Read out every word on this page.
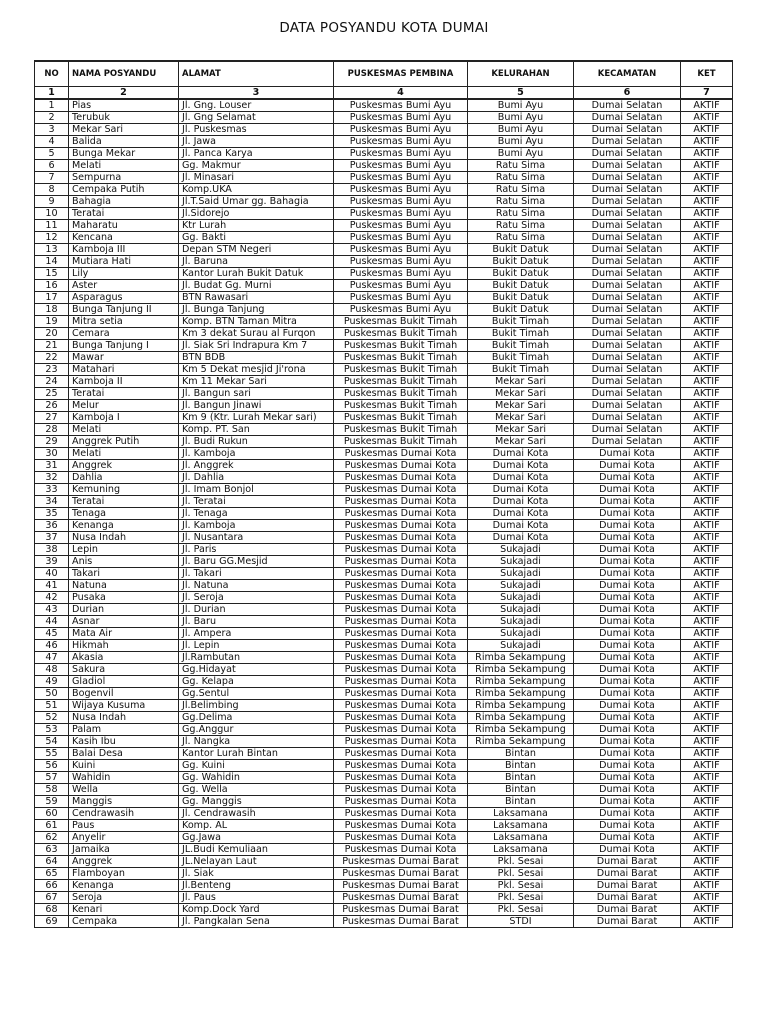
DATA POSYANDU KOTA DUMAI
NO	NAMA POSYANDU	ALAMAT	PUSKESMAS PEMBINA	KELURAHAN	KECAMATAN	KET
1	2	3	4	5	6	7
1	Pias	Jl. Gng. Louser	Puskesmas Bumi Ayu	Bumi Ayu	Dumai Selatan	AKTIF
2	Terubuk	Jl. Gng Selamat	Puskesmas Bumi Ayu	Bumi Ayu	Dumai Selatan	AKTIF
3	Mekar Sari	Jl. Puskesmas	Puskesmas Bumi Ayu	Bumi Ayu	Dumai Selatan	AKTIF
4	Balida	Jl. Jawa	Puskesmas Bumi Ayu	Bumi Ayu	Dumai Selatan	AKTIF
5	Bunga Mekar	Jl. Panca Karya	Puskesmas Bumi Ayu	Bumi Ayu	Dumai Selatan	AKTIF
6	Melati	Gg. Makmur	Puskesmas Bumi Ayu	Ratu Sima	Dumai Selatan	AKTIF
7	Sempurna	Jl. Minasari	Puskesmas Bumi Ayu	Ratu Sima	Dumai Selatan	AKTIF
8	Cempaka Putih	Komp.UKA	Puskesmas Bumi Ayu	Ratu Sima	Dumai Selatan	AKTIF
9	Bahagia	Jl.T.Said Umar gg. Bahagia	Puskesmas Bumi Ayu	Ratu Sima	Dumai Selatan	AKTIF
10	Teratai	Jl.Sidorejo	Puskesmas Bumi Ayu	Ratu Sima	Dumai Selatan	AKTIF
11	Maharatu	Ktr Lurah	Puskesmas Bumi Ayu	Ratu Sima	Dumai Selatan	AKTIF
12	Kencana	Gg. Bakti	Puskesmas Bumi Ayu	Ratu Sima	Dumai Selatan	AKTIF
13	Kamboja III	Depan STM Negeri	Puskesmas Bumi Ayu	Bukit Datuk	Dumai Selatan	AKTIF
14	Mutiara Hati	Jl. Baruna	Puskesmas Bumi Ayu	Bukit Datuk	Dumai Selatan	AKTIF
15	Lily	Kantor Lurah Bukit Datuk	Puskesmas Bumi Ayu	Bukit Datuk	Dumai Selatan	AKTIF
16	Aster	Jl. Budat Gg. Murni	Puskesmas Bumi Ayu	Bukit Datuk	Dumai Selatan	AKTIF
17	Asparagus	BTN Rawasari	Puskesmas Bumi Ayu	Bukit Datuk	Dumai Selatan	AKTIF
18	Bunga Tanjung II	Jl. Bunga Tanjung	Puskesmas Bumi Ayu	Bukit Datuk	Dumai Selatan	AKTIF
19	Mitra setia	Komp. BTN Taman Mitra	Puskesmas Bukit Timah	Bukit Timah	Dumai Selatan	AKTIF
20	Cemara	Km 3 dekat Surau al Furqon	Puskesmas Bukit Timah	Bukit Timah	Dumai Selatan	AKTIF
21	Bunga Tanjung I	Jl. Siak Sri Indrapura Km 7	Puskesmas Bukit Timah	Bukit Timah	Dumai Selatan	AKTIF
22	Mawar	BTN BDB	Puskesmas Bukit Timah	Bukit Timah	Dumai Selatan	AKTIF
23	Matahari	Km 5 Dekat mesjid Ji'rona	Puskesmas Bukit Timah	Bukit Timah	Dumai Selatan	AKTIF
24	Kamboja II	Km 11 Mekar Sari	Puskesmas Bukit Timah	Mekar Sari	Dumai Selatan	AKTIF
25	Teratai	Jl. Bangun sari	Puskesmas Bukit Timah	Mekar Sari	Dumai Selatan	AKTIF
26	Melur	Jl. Bangun Jinawi	Puskesmas Bukit Timah	Mekar Sari	Dumai Selatan	AKTIF
27	Kamboja I	Km 9 (Ktr. Lurah Mekar sari)	Puskesmas Bukit Timah	Mekar Sari	Dumai Selatan	AKTIF
28	Melati	Komp. PT. San	Puskesmas Bukit Timah	Mekar Sari	Dumai Selatan	AKTIF
29	Anggrek Putih	Jl. Budi Rukun	Puskesmas Bukit Timah	Mekar Sari	Dumai Selatan	AKTIF
30	Melati	Jl. Kamboja	Puskesmas Dumai Kota	Dumai Kota	Dumai Kota	AKTIF
31	Anggrek	Jl. Anggrek	Puskesmas Dumai Kota	Dumai Kota	Dumai Kota	AKTIF
32	Dahlia	Jl. Dahlia	Puskesmas Dumai Kota	Dumai Kota	Dumai Kota	AKTIF
33	Kemuning	Jl. Imam Bonjol	Puskesmas Dumai Kota	Dumai Kota	Dumai Kota	AKTIF
34	Teratai	Jl. Teratai	Puskesmas Dumai Kota	Dumai Kota	Dumai Kota	AKTIF
35	Tenaga	Jl. Tenaga	Puskesmas Dumai Kota	Dumai Kota	Dumai Kota	AKTIF
36	Kenanga	Jl. Kamboja	Puskesmas Dumai Kota	Dumai Kota	Dumai Kota	AKTIF
37	Nusa Indah	Jl. Nusantara	Puskesmas Dumai Kota	Dumai Kota	Dumai Kota	AKTIF
38	Lepin	Jl. Paris	Puskesmas Dumai Kota	Sukajadi	Dumai Kota	AKTIF
39	Anis	Jl. Baru GG.Mesjid	Puskesmas Dumai Kota	Sukajadi	Dumai Kota	AKTIF
40	Takari	Jl. Takari	Puskesmas Dumai Kota	Sukajadi	Dumai Kota	AKTIF
41	Natuna	Jl. Natuna	Puskesmas Dumai Kota	Sukajadi	Dumai Kota	AKTIF
42	Pusaka	Jl. Seroja	Puskesmas Dumai Kota	Sukajadi	Dumai Kota	AKTIF
43	Durian	Jl. Durian	Puskesmas Dumai Kota	Sukajadi	Dumai Kota	AKTIF
44	Asnar	Jl. Baru	Puskesmas Dumai Kota	Sukajadi	Dumai Kota	AKTIF
45	Mata Air	Jl. Ampera	Puskesmas Dumai Kota	Sukajadi	Dumai Kota	AKTIF
46	Hikmah	Jl. Lepin	Puskesmas Dumai Kota	Sukajadi	Dumai Kota	AKTIF
47	Akasia	Jl.Rambutan	Puskesmas Dumai Kota	Rimba Sekampung	Dumai Kota	AKTIF
48	Sakura	Gg.Hidayat	Puskesmas Dumai Kota	Rimba Sekampung	Dumai Kota	AKTIF
49	Gladiol	Gg. Kelapa	Puskesmas Dumai Kota	Rimba Sekampung	Dumai Kota	AKTIF
50	Bogenvil	Gg.Sentul	Puskesmas Dumai Kota	Rimba Sekampung	Dumai Kota	AKTIF
51	Wijaya Kusuma	Jl.Belimbing	Puskesmas Dumai Kota	Rimba Sekampung	Dumai Kota	AKTIF
52	Nusa Indah	Gg.Delima	Puskesmas Dumai Kota	Rimba Sekampung	Dumai Kota	AKTIF
53	Palam	Gg.Anggur	Puskesmas Dumai Kota	Rimba Sekampung	Dumai Kota	AKTIF
54	Kasih Ibu	Jl. Nangka	Puskesmas Dumai Kota	Rimba Sekampung	Dumai Kota	AKTIF
55	Balai Desa	Kantor Lurah Bintan	Puskesmas Dumai Kota	Bintan	Dumai Kota	AKTIF
56	Kuini	Gg. Kuini	Puskesmas Dumai Kota	Bintan	Dumai Kota	AKTIF
57	Wahidin	Gg. Wahidin	Puskesmas Dumai Kota	Bintan	Dumai Kota	AKTIF
58	Wella	Gg. Wella	Puskesmas Dumai Kota	Bintan	Dumai Kota	AKTIF
59	Manggis	Gg. Manggis	Puskesmas Dumai Kota	Bintan	Dumai Kota	AKTIF
60	Cendrawasih	Jl. Cendrawasih	Puskesmas Dumai Kota	Laksamana	Dumai Kota	AKTIF
61	Paus	Komp. AL	Puskesmas Dumai Kota	Laksamana	Dumai Kota	AKTIF
62	Anyelir	Gg.Jawa	Puskesmas Dumai Kota	Laksamana	Dumai Kota	AKTIF
63	Jamaika	JL.Budi Kemuliaan	Puskesmas Dumai Kota	Laksamana	Dumai Kota	AKTIF
64	Anggrek	JL.Nelayan Laut	Puskesmas Dumai Barat	Pkl. Sesai	Dumai Barat	AKTIF
65	Flamboyan	Jl. Siak	Puskesmas Dumai Barat	Pkl. Sesai	Dumai Barat	AKTIF
66	Kenanga	Jl.Benteng	Puskesmas Dumai Barat	Pkl. Sesai	Dumai Barat	AKTIF
67	Seroja	Jl. Paus	Puskesmas Dumai Barat	Pkl. Sesai	Dumai Barat	AKTIF
68	Kenari	Komp.Dock Yard	Puskesmas Dumai Barat	Pkl. Sesai	Dumai Barat	AKTIF
69	Cempaka	Jl. Pangkalan Sena	Puskesmas Dumai Barat	STDI	Dumai Barat	AKTIF
